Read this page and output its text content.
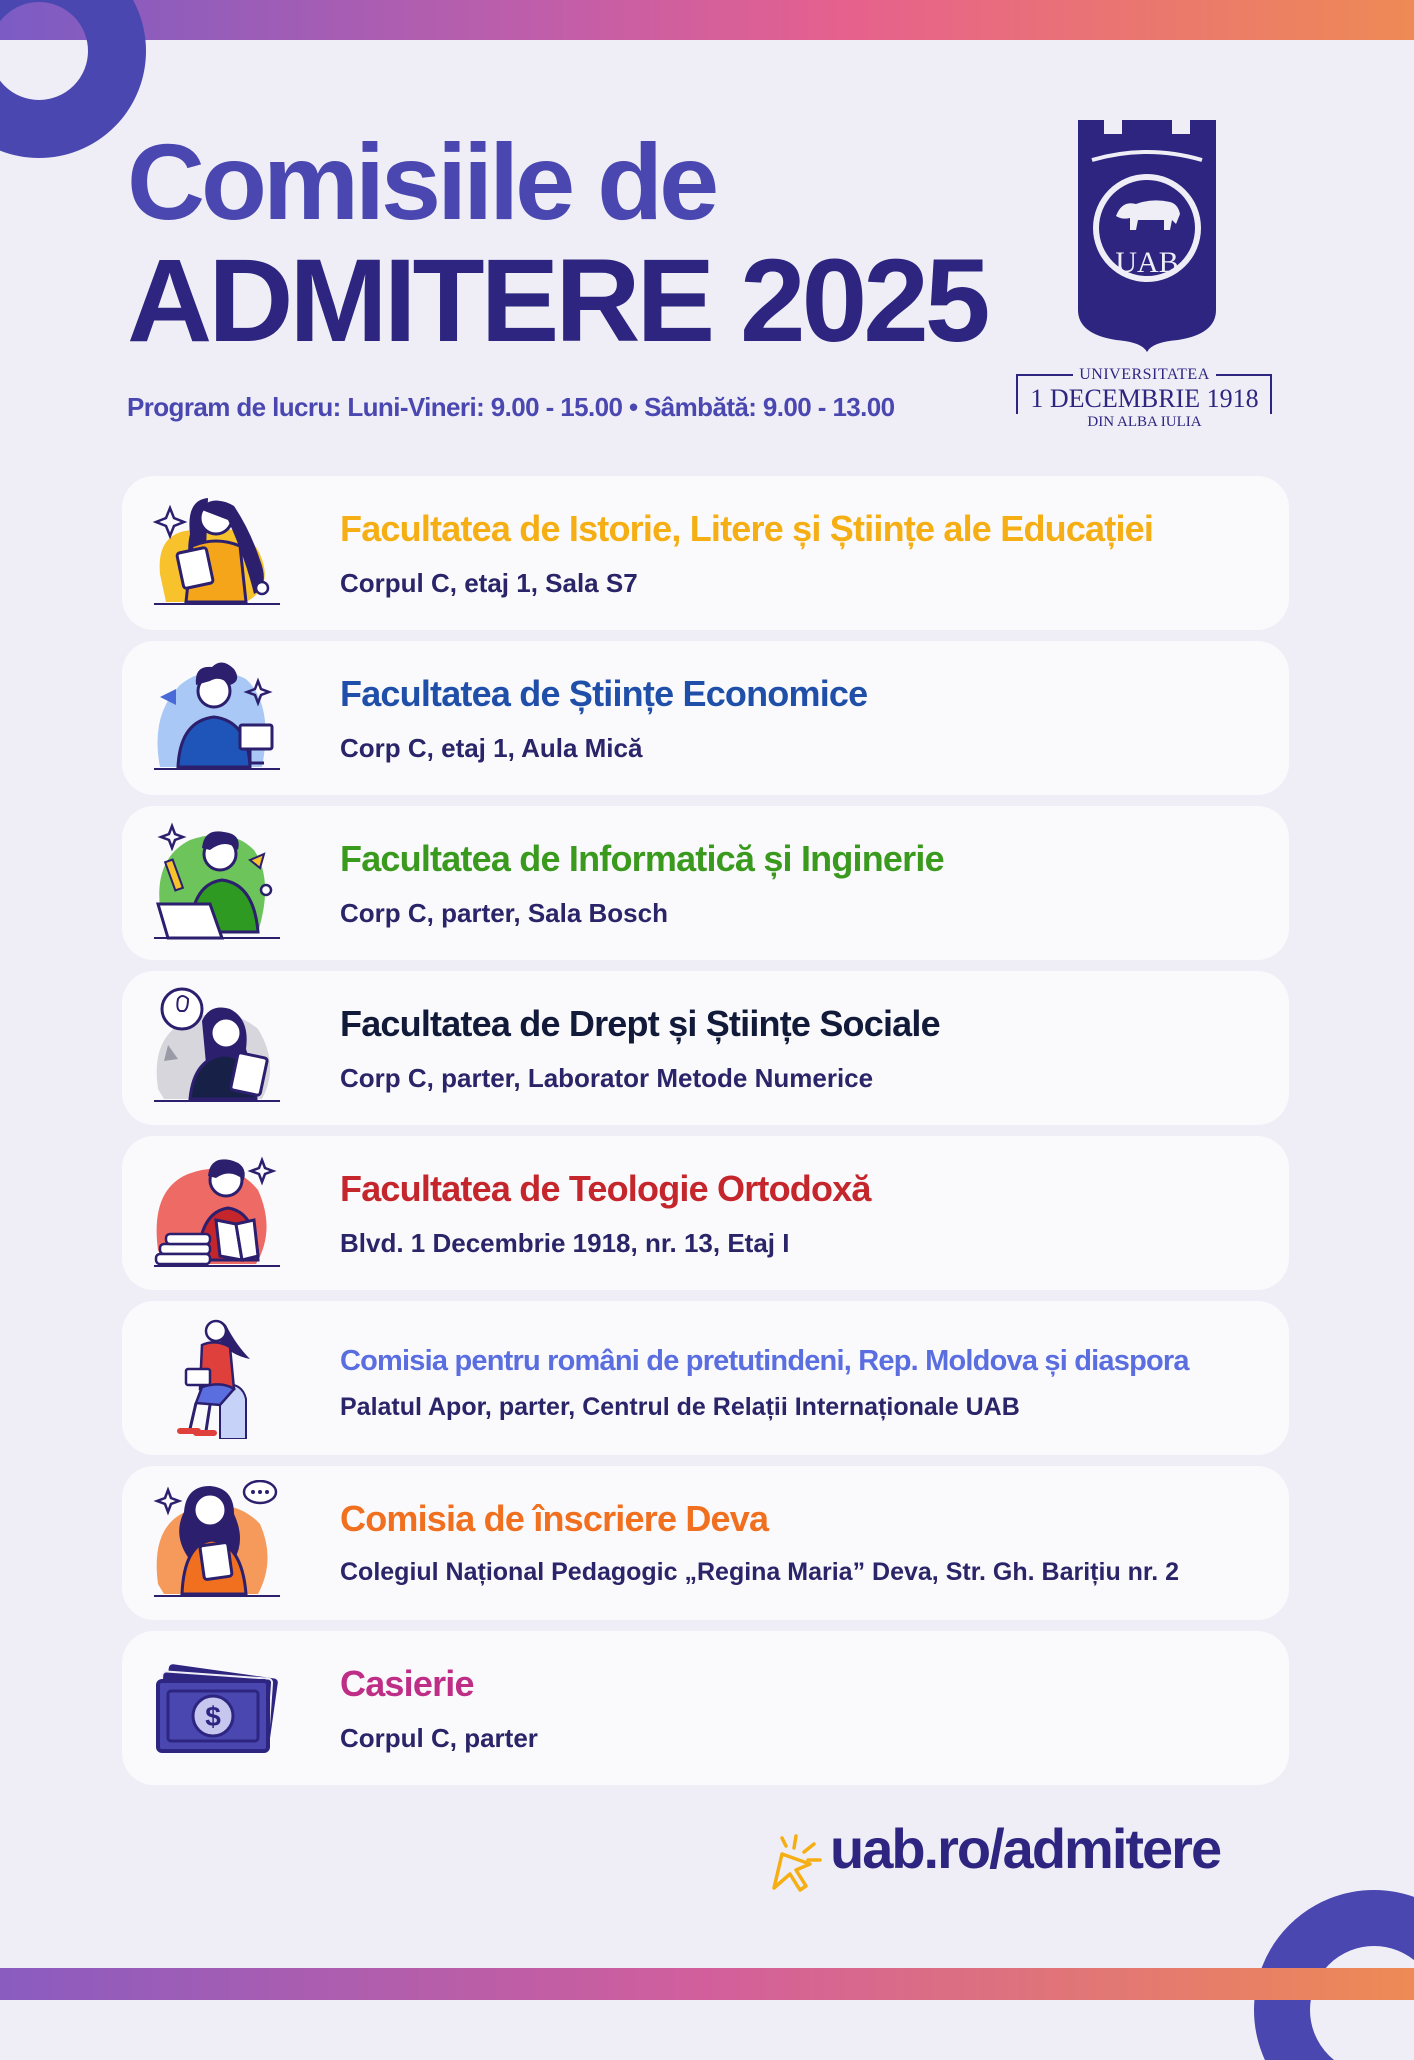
Comisiile de
ADMITERE 2025
Program de lucru: Luni-Vineri: 9.00 - 15.00 • Sâmbătă: 9.00 - 13.00
UAB
UNIVERSITATEA
1 DECEMBRIE 1918
DIN ALBA IULIA
Facultatea de Istorie, Litere și Științe ale Educației
Corpul C, etaj 1, Sala S7
Facultatea de Științe Economice
Corp C, etaj 1, Aula Mică
Facultatea de Informatică și Inginerie
Corp C, parter, Sala Bosch
Facultatea de Drept și Științe Sociale
Corp C, parter, Laborator Metode Numerice
Facultatea de Teologie Ortodoxă
Blvd. 1 Decembrie 1918, nr. 13, Etaj I
Comisia pentru români de pretutindeni, Rep. Moldova și diaspora
Palatul Apor, parter, Centrul de Relații Internaționale UAB
Comisia de înscriere Deva
Colegiul Național Pedagogic „Regina Maria” Deva, Str. Gh. Barițiu nr. 2
$
Casierie
Corpul C, parter
uab.ro/admitere
